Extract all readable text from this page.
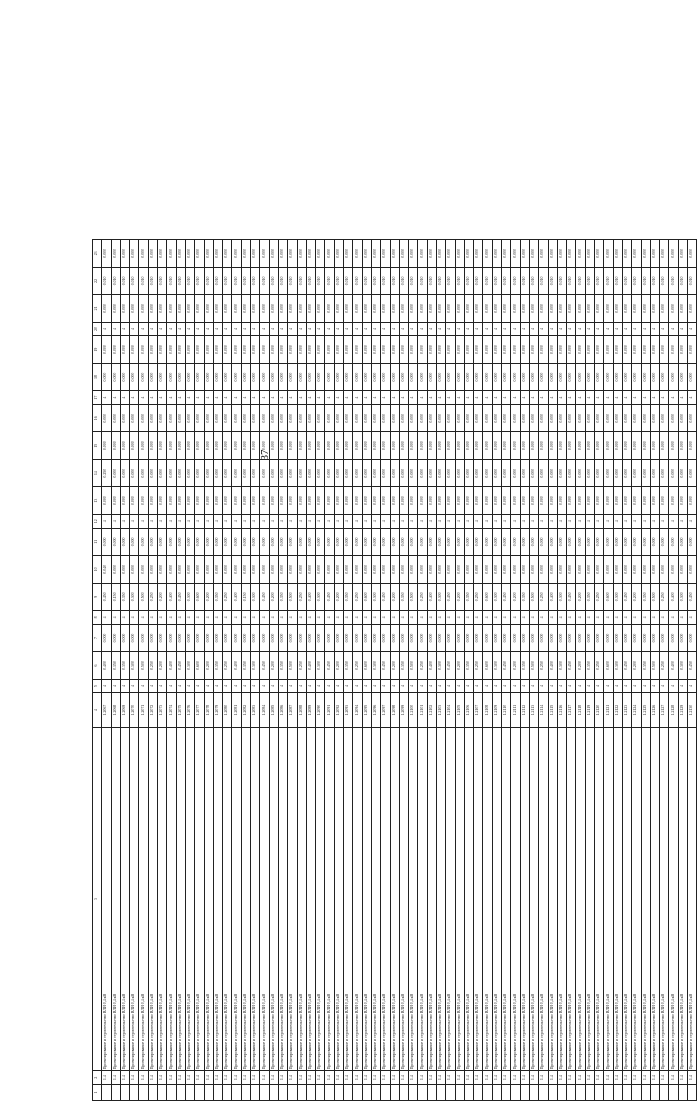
37
1	2	3	4	5	6	7	8	9	10	11	12	13	14	15	16	17	18	19	20	21	22	23
	1.4	Проектирование и строительство ВЛИ 0,4 кВ	1.2067	4	0.400	0.000	4	0.450	0.040	0.000	4	0.000	0.250	0.000	0.000	4	0.000	0.000	4	0.000	0.010	0.000
	1.4	Проектирование и строительство ВЛИ 0,4 кВ	1.2068	4	0.150	0.000	4	0.150	0.000	0.000	4	0.000	0.000	0.000	0.000	4	0.000	0.000	4	0.000	0.010	0.000
	1.4	Проектирование и строительство ВЛИ 0,4 кВ	1.2069	4	0.350	0.000	4	0.350	0.000	0.000	4	0.000	0.000	0.000	0.000	4	0.000	0.000	4	0.000	0.010	0.000
	1.4	Проектирование и строительство ВЛИ 0,4 кВ	1.2070	4	0.300	0.000	4	0.300	0.000	0.000	4	0.000	0.000	0.000	0.000	4	0.000	0.000	4	0.000	0.010	0.000
	1.4	Проектирование и строительство ВЛИ 0,4 кВ	1.2071	4	0.500	0.000	4	0.500	0.000	0.000	4	0.000	0.000	0.000	0.000	4	0.000	0.000	4	0.000	0.010	0.000
	1.4	Проектирование и строительство ВЛИ 0,4 кВ	1.2072	4	0.250	0.000	4	0.250	0.000	0.000	4	0.000	0.000	0.000	0.000	4	0.000	0.000	4	0.000	0.010	0.000
	1.4	Проектирование и строительство ВЛИ 0,4 кВ	1.2073	4	0.200	0.000	4	0.200	0.000	0.000	4	0.000	0.000	0.000	0.000	4	0.000	0.000	4	0.000	0.010	0.000
	1.4	Проектирование и строительство ВЛИ 0,4 кВ	1.2074	4	0.400	0.000	4	0.400	0.000	0.000	4	0.000	0.000	0.000	0.000	4	0.000	0.000	4	0.000	0.010	0.000
	1.4	Проектирование и строительство ВЛИ 0,4 кВ	1.2075	4	0.450	0.000	4	0.450	0.000	0.000	4	0.000	0.000	0.000	0.000	4	0.000	0.000	4	0.000	0.010	0.000
	1.4	Проектирование и строительство ВЛИ 0,4 кВ	1.2076	4	0.300	0.000	4	0.300	0.000	0.000	4	0.000	0.000	0.000	0.000	4	0.000	0.000	4	0.000	0.010	0.000
	1.4	Проектирование и строительство ВЛИ 0,4 кВ	1.2077	4	0.600	0.000	4	0.600	0.000	0.000	4	0.000	0.000	0.000	0.000	4	0.000	0.000	4	0.000	0.010	0.000
	1.4	Проектирование и строительство ВЛИ 0,4 кВ	1.2078	4	0.200	0.000	4	0.200	0.000	0.000	4	0.000	0.000	0.000	0.000	4	0.000	0.000	4	0.000	0.010	0.000
	1.4	Проектирование и строительство ВЛИ 0,4 кВ	1.2079	4	0.350	0.000	4	0.350	0.000	0.000	4	0.000	0.000	0.000	0.000	4	0.000	0.000	4	0.000	0.010	0.000
	1.4	Проектирование и строительство ВЛИ 0,4 кВ	1.2080	4	0.250	0.000	4	0.250	0.000	0.000	4	0.000	0.000	0.000	0.000	4	0.000	0.000	4	0.000	0.010	0.000
	1.4	Проектирование и строительство ВЛИ 0,4 кВ	1.2081	4	0.400	0.000	4	0.400	0.000	0.000	4	0.000	0.000	0.000	0.000	4	0.000	0.000	4	0.000	0.010	0.000
	1.4	Проектирование и строительство ВЛИ 0,4 кВ	1.2082	4	0.150	0.000	4	0.150	0.000	0.000	4	0.000	0.000	0.000	0.000	4	0.000	0.000	4	0.000	0.010	0.000
	1.4	Проектирование и строительство ВЛИ 0,4 кВ	1.2083	4	0.300	0.000	4	0.300	0.000	0.000	4	0.000	0.000	0.000	0.000	4	0.000	0.000	4	0.000	0.010	0.000
	1.4	Проектирование и строительство ВЛИ 0,4 кВ	1.2084	4	0.450	0.000	4	0.450	0.000	0.000	4	0.000	0.000	0.000	0.000	4	0.000	0.000	4	0.000	0.010	0.000
	1.4	Проектирование и строительство ВЛИ 0,4 кВ	1.2085	4	0.200	0.000	4	0.200	0.000	0.000	4	0.000	0.000	0.000	0.000	4	0.000	0.000	4	0.000	0.010	0.000
	1.4	Проектирование и строительство ВЛИ 0,4 кВ	1.2086	4	0.350	0.000	4	0.350	0.000	0.000	4	0.000	0.000	0.000	0.000	4	0.000	0.000	4	0.000	0.010	0.000
	1.4	Проектирование и строительство ВЛИ 0,4 кВ	1.2087	4	0.500	0.000	4	0.500	0.000	0.000	4	0.000	0.000	0.000	0.000	4	0.000	0.000	4	0.000	0.010	0.000
	1.4	Проектирование и строительство ВЛИ 0,4 кВ	1.2088	4	0.250	0.000	4	0.250	0.000	0.000	4	0.000	0.000	0.000	0.000	4	0.000	0.000	4	0.000	0.010	0.000
	1.4	Проектирование и строительство ВЛИ 0,4 кВ	1.2089	4	0.400	0.000	4	0.400	0.000	0.000	4	0.000	0.000	0.000	0.000	4	0.000	0.000	4	0.000	0.010	0.000
	1.4	Проектирование и строительство ВЛИ 0,4 кВ	1.2090	4	0.300	0.000	4	0.300	0.000	0.000	4	0.000	0.000	0.000	0.000	4	0.000	0.000	4	0.000	0.010	0.000
	1.4	Проектирование и строительство ВЛИ 0,4 кВ	1.2091	4	0.450	0.000	4	0.450	0.000	0.000	4	0.000	0.000	0.000	0.000	4	0.000	0.000	4	0.000	0.010	0.000
	1.4	Проектирование и строительство ВЛИ 0,4 кВ	1.2092	4	0.200	0.000	4	0.200	0.000	0.000	4	0.000	0.000	0.000	0.000	4	0.000	0.000	4	0.000	0.010	0.000
	1.4	Проектирование и строительство ВЛИ 0,4 кВ	1.2093	4	0.350	0.000	4	0.350	0.000	0.000	4	0.000	0.000	0.000	0.000	4	0.000	0.000	4	0.000	0.010	0.000
	1.4	Проектирование и строительство ВЛИ 0,4 кВ	1.2094	4	0.250	0.000	4	0.250	0.000	0.000	4	0.000	0.000	0.000	0.000	4	0.000	0.000	4	0.000	0.010	0.000
	1.4	Проектирование и строительство ВЛИ 0,4 кВ	1.2095	4	0.600	0.000	4	0.600	0.000	0.000	4	0.000	0.000	0.000	0.000	4	0.000	0.000	4	0.000	0.010	0.000
	1.4	Проектирование и строительство ВЛИ 0,4 кВ	1.2096	4	0.300	0.000	4	0.300	0.000	0.000	4	0.000	0.000	0.000	0.000	4	0.000	0.000	4	0.000	0.010	0.000
	1.4	Проектирование и строительство ВЛИ 0,4 кВ	1.2097	4	0.450	0.000	4	0.450	0.000	0.000	4	0.000	0.000	0.000	0.000	4	0.000	0.000	4	0.000	0.010	0.000
	1.4	Проектирование и строительство ВЛИ 0,4 кВ	1.2098	4	0.200	0.000	4	0.200	0.000	0.000	4	0.000	0.000	0.000	0.000	4	0.000	0.000	4	0.000	0.010	0.000
	1.4	Проектирование и строительство ВЛИ 0,4 кВ	1.2099	4	0.350	0.000	4	0.350	0.000	0.000	4	0.000	0.000	0.000	0.000	4	0.000	0.000	4	0.000	0.010	0.000
	1.4	Проектирование и строительство ВЛИ 0,4 кВ	1.2100	4	0.500	0.000	4	0.500	0.000	0.000	4	0.000	0.000	0.000	0.000	4	0.000	0.000	4	0.000	0.010	0.000
	1.4	Проектирование и строительство ВЛИ 0,4 кВ	1.2101	4	0.250	0.000	4	0.250	0.000	0.000	4	0.000	0.000	0.000	0.000	4	0.000	0.000	4	0.000	0.010	0.000
	1.4	Проектирование и строительство ВЛИ 0,4 кВ	1.2102	4	0.400	0.000	4	0.400	0.000	0.000	4	0.000	0.000	0.000	0.000	4	0.000	0.000	4	0.000	0.010	0.000
	1.4	Проектирование и строительство ВЛИ 0,4 кВ	1.2103	4	0.300	0.000	4	0.300	0.000	0.000	4	0.000	0.000	0.000	0.000	4	0.000	0.000	4	0.000	0.010	0.000
	1.4	Проектирование и строительство ВЛИ 0,4 кВ	1.2104	4	0.450	0.000	4	0.450	0.000	0.000	4	0.000	0.000	0.000	0.000	4	0.000	0.000	4	0.000	0.010	0.000
	1.4	Проектирование и строительство ВЛИ 0,4 кВ	1.2105	4	0.200	0.000	4	0.200	0.000	0.000	4	0.000	0.000	0.000	0.000	4	0.000	0.000	4	0.000	0.010	0.000
	1.4	Проектирование и строительство ВЛИ 0,4 кВ	1.2106	4	0.350	0.000	4	0.350	0.000	0.000	4	0.000	0.000	0.000	0.000	4	0.000	0.000	4	0.000	0.010	0.000
	1.4	Проектирование и строительство ВЛИ 0,4 кВ	1.2107	4	0.250	0.000	4	0.250	0.000	0.000	4	0.000	0.000	0.000	0.000	4	0.000	0.000	4	0.000	0.010	0.000
	1.4	Проектирование и строительство ВЛИ 0,4 кВ	1.2108	4	0.600	0.000	4	0.600	0.000	0.000	4	0.000	0.000	0.000	0.000	4	0.000	0.000	4	0.000	0.010	0.000
	1.4	Проектирование и строительство ВЛИ 0,4 кВ	1.2109	4	0.300	0.000	4	0.300	0.000	0.000	4	0.000	0.000	0.000	0.000	4	0.000	0.000	4	0.000	0.010	0.000
	1.4	Проектирование и строительство ВЛИ 0,4 кВ	1.2110	4	0.450	0.000	4	0.450	0.000	0.000	4	0.000	0.000	0.000	0.000	4	0.000	0.000	4	0.000	0.010	0.000
	1.4	Проектирование и строительство ВЛИ 0,4 кВ	1.2111	4	0.200	0.000	4	0.200	0.000	0.000	4	0.000	0.000	0.000	0.000	4	0.000	0.000	4	0.000	0.010	0.000
	1.4	Проектирование и строительство ВЛИ 0,4 кВ	1.2112	4	0.350	0.000	4	0.350	0.000	0.000	4	0.000	0.000	0.000	0.000	4	0.000	0.000	4	0.000	0.010	0.000
	1.4	Проектирование и строительство ВЛИ 0,4 кВ	1.2113	4	0.500	0.000	4	0.500	0.000	0.000	4	0.000	0.000	0.000	0.000	4	0.000	0.000	4	0.000	0.010	0.000
	1.4	Проектирование и строительство ВЛИ 0,4 кВ	1.2114	4	0.250	0.000	4	0.250	0.000	0.000	4	0.000	0.000	0.000	0.000	4	0.000	0.000	4	0.000	0.010	0.000
	1.4	Проектирование и строительство ВЛИ 0,4 кВ	1.2115	4	0.400	0.000	4	0.400	0.000	0.000	4	0.000	0.000	0.000	0.000	4	0.000	0.000	4	0.000	0.010	0.000
	1.4	Проектирование и строительство ВЛИ 0,4 кВ	1.2116	4	0.300	0.000	4	0.300	0.000	0.000	4	0.000	0.000	0.000	0.000	4	0.000	0.000	4	0.000	0.010	0.000
	1.4	Проектирование и строительство ВЛИ 0,4 кВ	1.2117	4	0.450	0.000	4	0.450	0.000	0.000	4	0.000	0.000	0.000	0.000	4	0.000	0.000	4	0.000	0.010	0.000
	1.4	Проектирование и строительство ВЛИ 0,4 кВ	1.2118	4	0.200	0.000	4	0.200	0.000	0.000	4	0.000	0.000	0.000	0.000	4	0.000	0.000	4	0.000	0.010	0.000
	1.4	Проектирование и строительство ВЛИ 0,4 кВ	1.2119	4	0.350	0.000	4	0.350	0.000	0.000	4	0.000	0.000	0.000	0.000	4	0.000	0.000	4	0.000	0.010	0.000
	1.4	Проектирование и строительство ВЛИ 0,4 кВ	1.2120	4	0.250	0.000	4	0.250	0.000	0.000	4	0.000	0.000	0.000	0.000	4	0.000	0.000	4	0.000	0.010	0.000
	1.4	Проектирование и строительство ВЛИ 0,4 кВ	1.2121	4	0.600	0.000	4	0.600	0.000	0.000	4	0.000	0.000	0.000	0.000	4	0.000	0.000	4	0.000	0.010	0.000
	1.4	Проектирование и строительство ВЛИ 0,4 кВ	1.2122	4	0.300	0.000	4	0.300	0.000	0.000	4	0.000	0.000	0.000	0.000	4	0.000	0.000	4	0.000	0.010	0.000
	1.4	Проектирование и строительство ВЛИ 0,4 кВ	1.2123	4	0.450	0.000	4	0.450	0.000	0.000	4	0.000	0.000	0.000	0.000	4	0.000	0.000	4	0.000	0.010	0.000
	1.4	Проектирование и строительство ВЛИ 0,4 кВ	1.2124	4	0.200	0.000	4	0.200	0.000	0.000	4	0.000	0.000	0.000	0.000	4	0.000	0.000	4	0.000	0.010	0.000
	1.4	Проектирование и строительство ВЛИ 0,4 кВ	1.2125	4	0.350	0.000	4	0.350	0.000	0.000	4	0.000	0.000	0.000	0.000	4	0.000	0.000	4	0.000	0.010	0.000
	1.4	Проектирование и строительство ВЛИ 0,4 кВ	1.2126	4	0.500	0.000	4	0.500	0.000	0.000	4	0.000	0.000	0.000	0.000	4	0.000	0.000	4	0.000	0.010	0.000
	1.4	Проектирование и строительство ВЛИ 0,4 кВ	1.2127	4	0.250	0.000	4	0.250	0.000	0.000	4	0.000	0.000	0.000	0.000	4	0.000	0.000	4	0.000	0.010	0.000
	1.4	Проектирование и строительство ВЛИ 0,4 кВ	1.2128	4	0.400	0.000	4	0.400	0.000	0.000	4	0.000	0.000	0.000	0.000	4	0.000	0.000	4	0.000	0.010	0.000
	1.4	Проектирование и строительство ВЛИ 0,4 кВ	1.2129	4	0.300	0.000	4	0.300	0.000	0.000	4	0.000	0.000	0.000	0.000	4	0.000	0.000	4	0.000	0.010	0.000
	1.4	Проектирование и строительство ВЛИ 0,4 кВ	1.2130	4	0.450	0.000	4	0.450	0.000	0.000	4	0.000	0.000	0.000	0.000	4	0.000	0.000	4	0.000	0.010	0.000
